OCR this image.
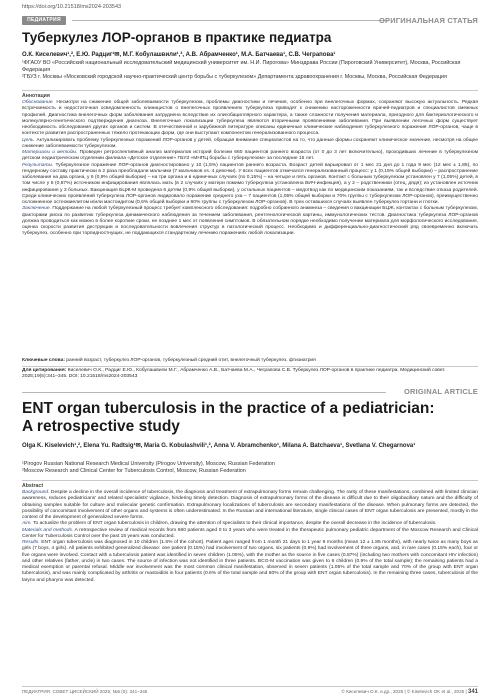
https://doi.org/10.21518/ms2024-203543
ПЕДИАТРИЯ	ОРИГИНАЛЬНАЯ СТАТЬЯ
Туберкулез ЛОР-органов в практике педиатра
О.К. Киселевич¹,², Е.Ю. Радциг¹✉, М.Г. Кобулашвили¹,², А.В. Абрамченко¹, М.А. Батчаева¹, С.В. Чеграпова¹
¹ФГАОУ ВО «Российский национальный исследовательский медицинский университет им. Н.И. Пирогова» Минздрава России (Пироговский Университет), Москва, Российская Федерация
²ГБУЗ г. Москвы «Московский городской научно-практический центр борьбы с туберкулезом» Департамента здравоохранения г. Москвы, Москва, Российская Федерация
Аннотация

Обоснование. Несмотря на снижение общей заболеваемости туберкулезом, проблемы диагностики и лечения, особенно при внелегочных формах, сохраняют высокую актуальность. Редкая встречаемость и недостаточная осведомленность клиницистов о внелегочных проявлениях туберкулеза приводят к снижению настороженности врачей-педиатров и специалистов смежных профилей. Диагностика внелегочных форм заболевания затруднена вследствие их олигобациллярного характера, а также сложности получения материала, пригодного для бактериологического и молекулярно-генетического подтверждения диагноза. Внелегочные локализации туберкулеза являются вторичными проявлениями заболевания. При выявлении легочных форм существует необходимость обследования других органов и систем. В отечественной и зарубежной литературе описаны единичные клинические наблюдения туберкулезного поражения ЛОР-органов, чаще в контексте развития распространенных тяжело протекающих форм, где они выступают компонентом генерализованного процесса.

Цель. Актуализировать проблему туберкулезных поражений ЛОР-органов у детей, обращая внимание специалистов на то, что данные формы сохраняют клиническое значение, несмотря на общее снижение заболеваемости туберкулезом.

Материалы и методы. Проведен ретроспективный анализ материалов историй болезни 660 пациентов раннего возраста (от 0 до 3 лет включительно), проходивших лечение в туберкулезном детском педиатрическом отделении филиала «Детское отделение» ГБУЗ «МНПЦ борьбы с туберкулезом» за последние 15 лет.

Результаты. Туберкулезное поражение ЛОР-органов диагностировано у 10 (1,5%) пациентов раннего возраста. Возраст детей варьировал от 1 мес 21 дня до 1 года 9 мес (12 мес ± 1,85), по гендерному составу практически в 2 раза преобладали мальчики (7 мальчиков vs. 4 девочки). У всех пациентов отмечался генерализованный процесс: у 1 (0,15% общей выборки) – распространение заболевания на два органа, у 6 (0,9% общей выборки) – на три органа и в единичных случаях (по 0,15%) – на четыре и пять органов. Контакт с больным туберкулезом установлен у 7 (1,05%) детей, в том числе у 5 (0,87%) источником инфицирования являлась мать (в 2 случаях у матери помимо туберкулеза установлена ВИЧ-инфекция), а у 2 – родственники (отец, дядя); из установлен источник инфицирования у 3 больных. Вакцинация БЦЖ-М проведена 6 детям (0,9% общей выборки), у остальных пациентов – медотвод как по медицинским показаниям, так и вследствие отказа родителей. Среди клинических проявлений туберкулеза ЛОР-органов лидировало поражение среднего уха – 7 пациентов (1,05% общей выборки и 70% группы с туберкулезом ЛОР-органов), преимущественно осложненное остеомиелитом и/или мастоидитом (0,6% общей выборки и 60% группы с туберкулезом ЛОР-органов). В трех оставшихся случаях выявлен туберкулез гортани и глотки.

Заключение. Поддержание на любой туберкулезный процесс требует комплексного обследования: подробно собранного анамнеза – сведения о вакцинации БЦЖ, контактах с больным туберкулезом, факторами риска по развитию туберкулеза динамического наблюдения за течением заболевания, рентгенологической картины, иммунологических тестов. Диагностика туберкулеза ЛОР-органов должна проводиться как можно в более короткие сроки, не позднее 1 мес от появления симптомов. В обязательном порядке необходимо получение материала для морфологического исследования, оценка скорости развития деструкции и последовательности вовлечения структур в патологический процесс. Необходимо и дифференциально-диагностический ряд своевременно включать туберкулез, особенно при торпидностнущих, не поддающихся стандартному лечению поражениях любой локализации.

Ключевые слова: ранний возраст, туберкулез ЛОР-органов, туберкулезный средний отит, внелегочный туберкулез, фтизиатрия
Для цитирования: Киселевич О.К., Радциг Е.Ю., Кобулашвили М.Г., Абрамченко А.В., Батчаева М.А., Чеграпова С.В. Туберкулез ЛОР-органов в практике педиатра. Медицинский совет. 2025;19(5):341–345. DOI: 10.21518/ms2024-203543
ORIGINAL ARTICLE
ENT organ tuberculosis in the practice of a pediatrician:
A retrospective study
Olga K. Kiselevich¹,², Elena Yu. Radtsig¹✉, Maria G. Kobulashvili¹,², Anna V. Abramchenko¹, Milana A. Batchaeva¹, Svetlana V. Chegarnova¹
¹Pirogov Russian National Research Medical University (Pirogov University), Moscow, Russian Federation
²Moscow Research and Clinical Center for Tuberculosis Control, Moscow, Russian Federation
Abstract

Background. Despite a decline in the overall incidence of tuberculosis, the diagnosis and treatment of extrapulmonary forms remain challenging. The rarity of these manifestations, combined with limited clinician awareness, reduces pediatricians' and related specialists' vigilance, hindering timely detection. Diagnosis of extrapulmonary forms of the disease is difficult due to their oligobacillary nature and the difficulty of obtaining samples suitable for culture and molecular genetic confirmation. Extrapulmonary localizations of tuberculosis are secondary manifestations of the disease. When pulmonary forms are detected, the possibility of concomitant involvement of other organs and systems is often underestimated. In the Russian and international literature, single clinical cases of ENT organ tuberculosis are presented, mostly in the context of the development of generalized severe forms.

Aim. To actualize the problem of ENT organ tuberculosis in children, drawing the attention of specialists to their clinical importance, despite the overall decrease in the incidence of tuberculosis.

Materials and methods. A retrospective review of medical records from 660 patients aged 0 to 3 years who were treated in the therapeutic pulmonary pediatric department of the Moscow Research and Clinical Center for Tuberculosis Control over the past 15 years was conducted.

Results. ENT organ tuberculosis was diagnosed in 10 children (1.5% of the cohort). Patient ages ranged from 1 month 21 days to 1 year 9 months (mean 12 ± 1.85 months), with nearly twice as many boys as girls (7 boys, 4 girls). All patients exhibited generalized disease: one patient (0.15%) had involvement of two organs, six patients (0.9%) had involvement of three organs, and, in rare cases (0.15% each), four or five organs were involved. Contact with a tuberculosis patient was identified in seven children (1.05%), with the mother as the source in five cases (0.87%) (including two mothers with concomitant HIV infection) and other relatives (father, uncle) in two cases. The source of infection was not identified in three patients. BCG-M vaccination was given to 6 children (0.9% of the total sample); the remaining patients had a medical exemption or parental refusal. Middle ear involvement was the most common clinical manifestation, observed in seven patients (1.05% of the total sample and 70% of the group with ENT organ tuberculosis), and was mainly complicated by arthritis or mastoiditis in four patients (0.6% of the total sample and 60% of the group with ENT organ tuberculosis). In the remaining three cases, tuberculosis of the larynx and pharynx was detected.

ПЕДИАТРИЯ. СОВЕТ ЦИСЕЙСКИЙ 2025; №5 (5): 341–346	© Киселевич О.К. и др., 2025 | © Kiselevich OK et al., 2025 | 341
